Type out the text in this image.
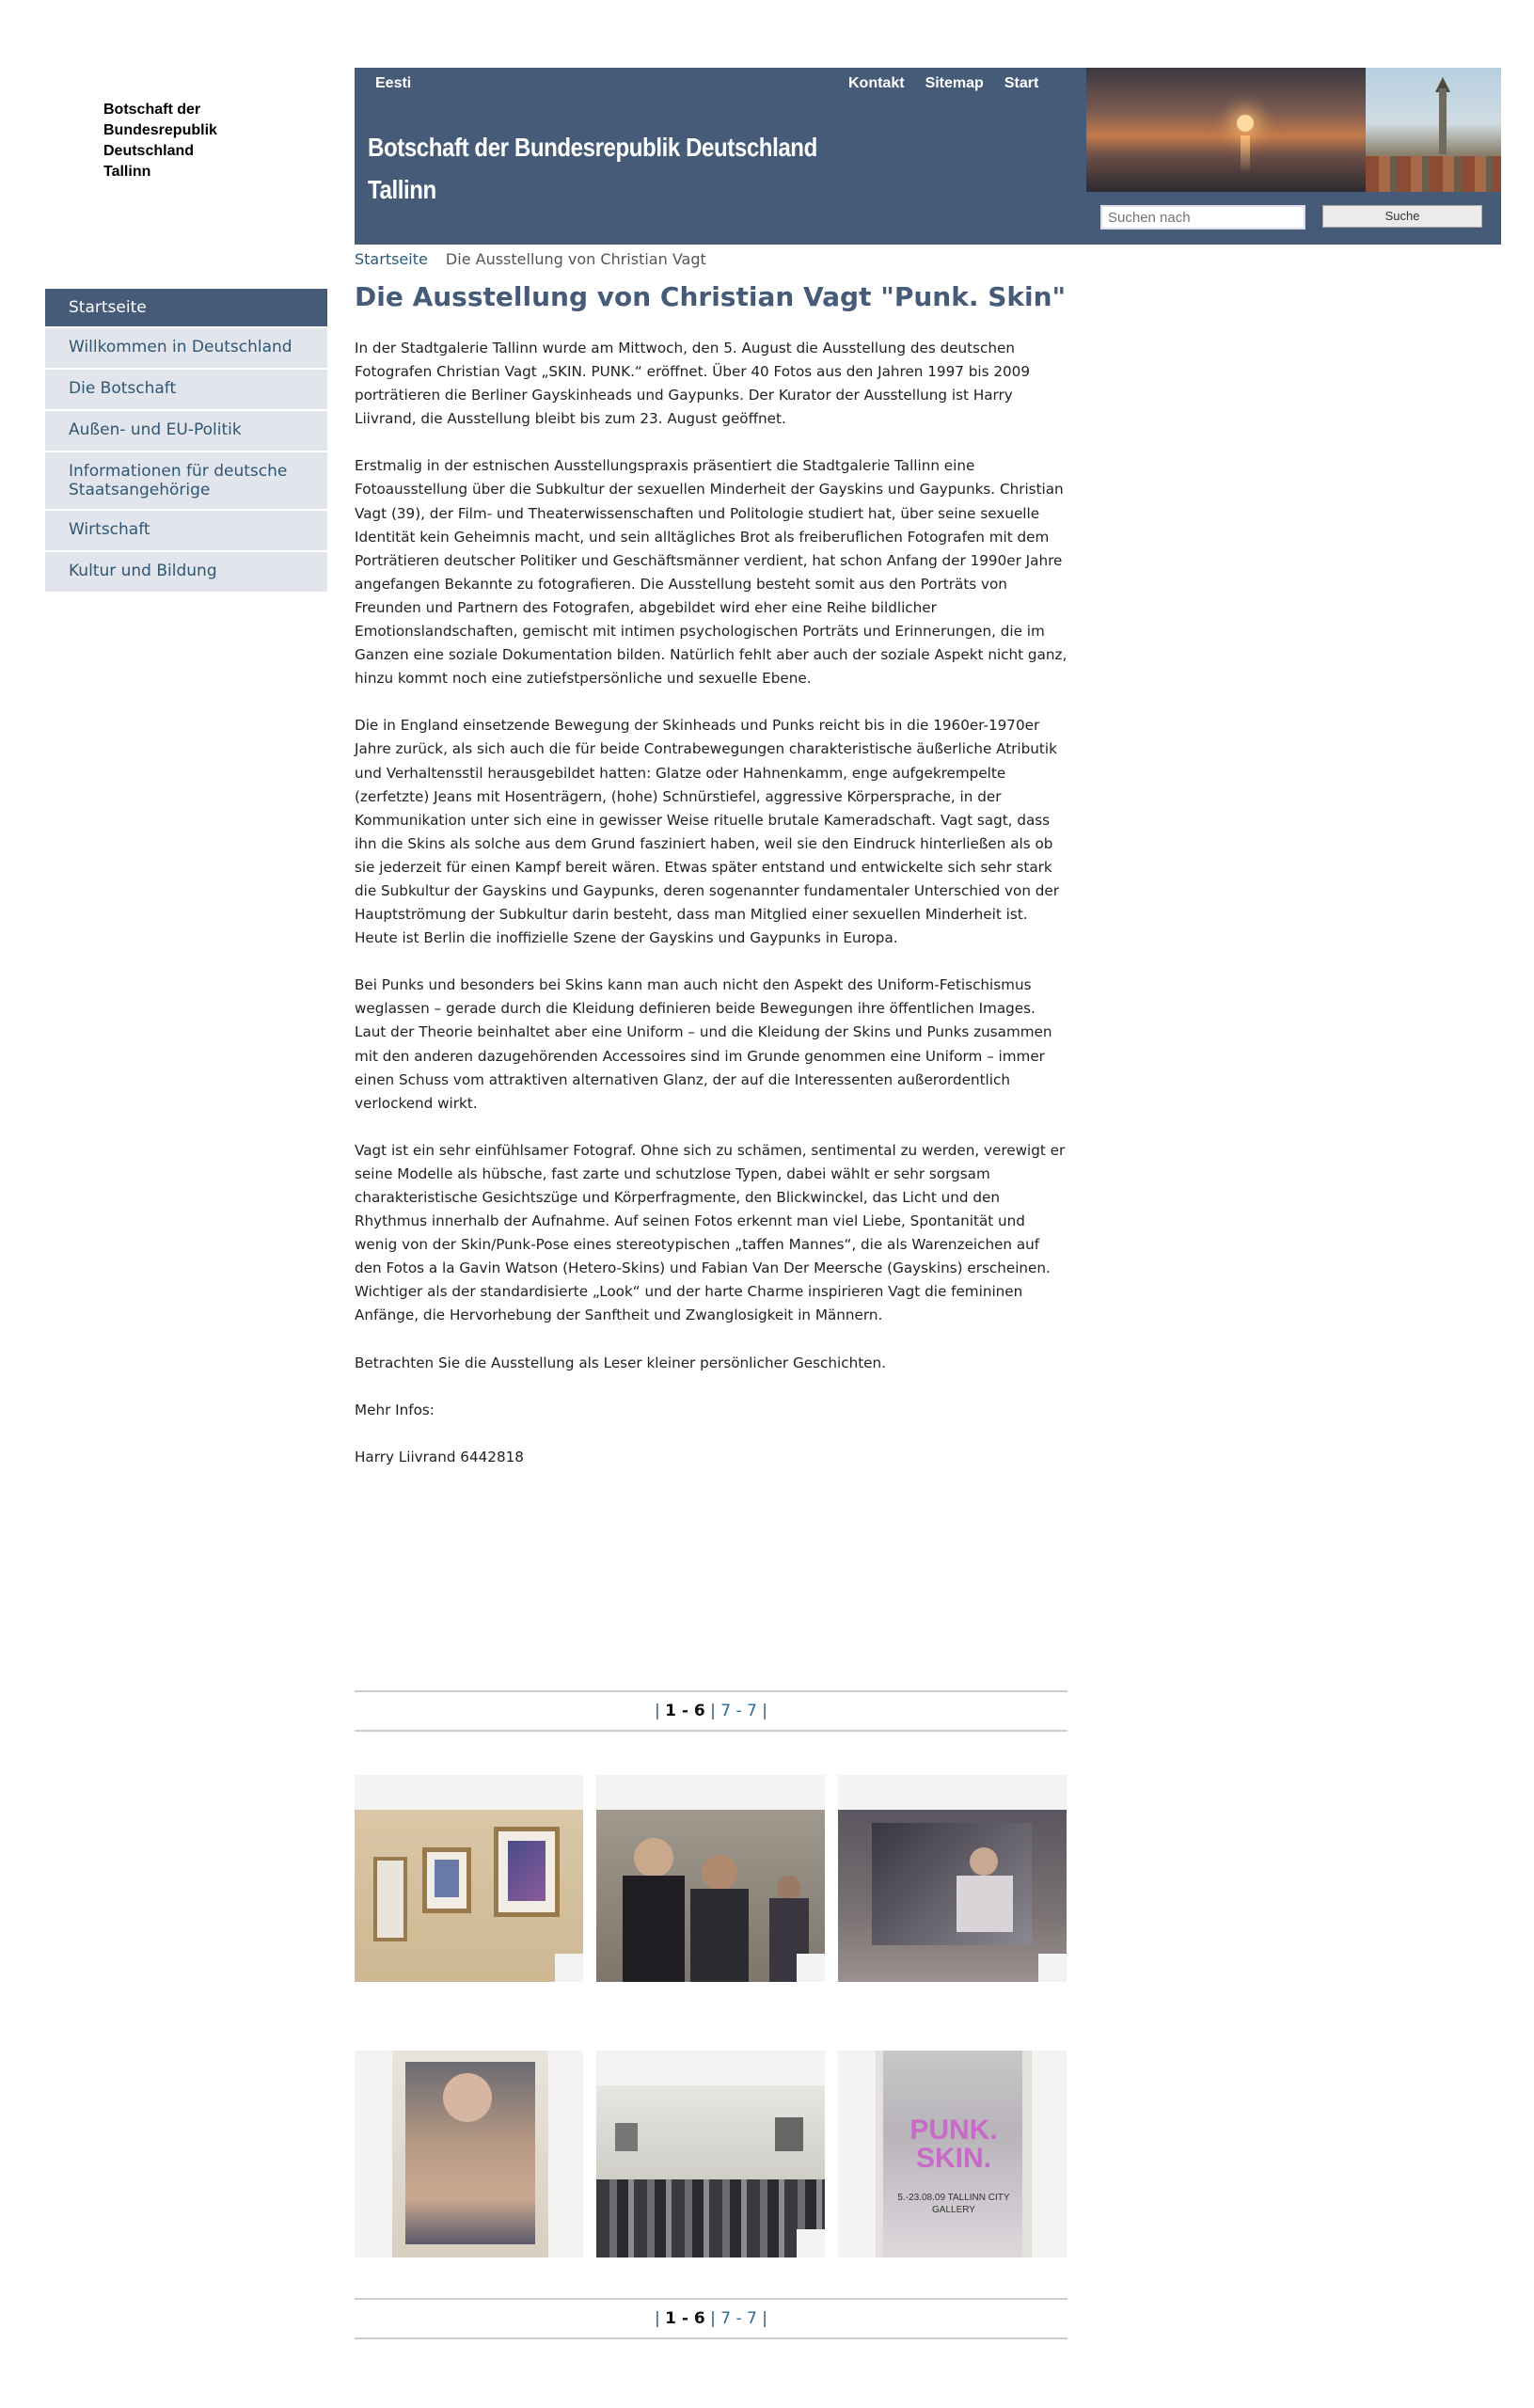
Botschaft der
Bundesrepublik
Deutschland
Tallinn
Eesti	Kontakt Sitemap Start
Botschaft der Bundesrepublik Deutschland
Tallinn
Suchen nach
Suche
Startseite Die Ausstellung von Christian Vagt
Startseite
Willkommen in Deutschland
Die Botschaft
Außen- und EU-Politik
Informationen für deutsche Staatsangehörige
Wirtschaft
Kultur und Bildung
Die Ausstellung von Christian Vagt "Punk. Skin"

In der Stadtgalerie Tallinn wurde am Mittwoch, den 5. August die Ausstellung des deutschen Fotografen Christian Vagt „SKIN. PUNK.“ eröffnet. Über 40 Fotos aus den Jahren 1997 bis 2009 porträtieren die Berliner Gayskinheads und Gaypunks. Der Kurator der Ausstellung ist Harry Liivrand, die Ausstellung bleibt bis zum 23. August geöffnet.

Erstmalig in der estnischen Ausstellungspraxis präsentiert die Stadtgalerie Tallinn eine Fotoausstellung über die Subkultur der sexuellen Minderheit der Gayskins und Gaypunks. Christian Vagt (39), der Film- und Theaterwissenschaften und Politologie studiert hat, über seine sexuelle Identität kein Geheimnis macht, und sein alltägliches Brot als freiberuflichen Fotografen mit dem Porträtieren deutscher Politiker und Geschäftsmänner verdient, hat schon Anfang der 1990er Jahre angefangen Bekannte zu fotografieren. Die Ausstellung besteht somit aus den Porträts von Freunden und Partnern des Fotografen, abgebildet wird eher eine Reihe bildlicher Emotionslandschaften, gemischt mit intimen psychologischen Porträts und Erinnerungen, die im Ganzen eine soziale Dokumentation bilden. Natürlich fehlt aber auch der soziale Aspekt nicht ganz, hinzu kommt noch eine zutiefstpersönliche und sexuelle Ebene.

Die in England einsetzende Bewegung der Skinheads und Punks reicht bis in die 1960er-1970er Jahre zurück, als sich auch die für beide Contrabewegungen charakteristische äußerliche Atributik und Verhaltensstil herausgebildet hatten: Glatze oder Hahnenkamm, enge aufgekrempelte (zerfetzte) Jeans mit Hosenträgern, (hohe) Schnürstiefel, aggressive Körpersprache, in der Kommunikation unter sich eine in gewisser Weise rituelle brutale Kameradschaft. Vagt sagt, dass ihn die Skins als solche aus dem Grund fasziniert haben, weil sie den Eindruck hinterließen als ob sie jederzeit für einen Kampf bereit wären. Etwas später entstand und entwickelte sich sehr stark die Subkultur der Gayskins und Gaypunks, deren sogenannter fundamentaler Unterschied von der Hauptströmung der Subkultur darin besteht, dass man Mitglied einer sexuellen Minderheit ist. Heute ist Berlin die inoffizielle Szene der Gayskins und Gaypunks in Europa.

Bei Punks und besonders bei Skins kann man auch nicht den Aspekt des Uniform-Fetischismus weglassen – gerade durch die Kleidung definieren beide Bewegungen ihre öffentlichen Images. Laut der Theorie beinhaltet aber eine Uniform – und die Kleidung der Skins und Punks zusammen mit den anderen dazugehörenden Accessoires sind im Grunde genommen eine Uniform – immer einen Schuss vom attraktiven alternativen Glanz, der auf die Interessenten außerordentlich verlockend wirkt.

Vagt ist ein sehr einfühlsamer Fotograf. Ohne sich zu schämen, sentimental zu werden, verewigt er seine Modelle als hübsche, fast zarte und schutzlose Typen, dabei wählt er sehr sorgsam charakteristische Gesichtszüge und Körperfragmente, den Blickwinckel, das Licht und den Rhythmus innerhalb der Aufnahme. Auf seinen Fotos erkennt man viel Liebe, Spontanität und wenig von der Skin/Punk-Pose eines stereotypischen „taffen Mannes“, die als Warenzeichen auf den Fotos a la Gavin Watson (Hetero-Skins) und Fabian Van Der Meersche (Gayskins) erscheinen. Wichtiger als der standardisierte „Look“ und der harte Charme inspirieren Vagt die femininen Anfänge, die Hervorhebung der Sanftheit und Zwanglosigkeit in Männern.

Betrachten Sie die Ausstellung als Leser kleiner persönlicher Geschichten.

Mehr Infos:

Harry Liivrand 6442818

| 1 - 6 | 7 - 7 |
PUNK. SKIN.
5.-23.08.09 TALLINN CITY GALLERY
| 1 - 6 | 7 - 7 |
